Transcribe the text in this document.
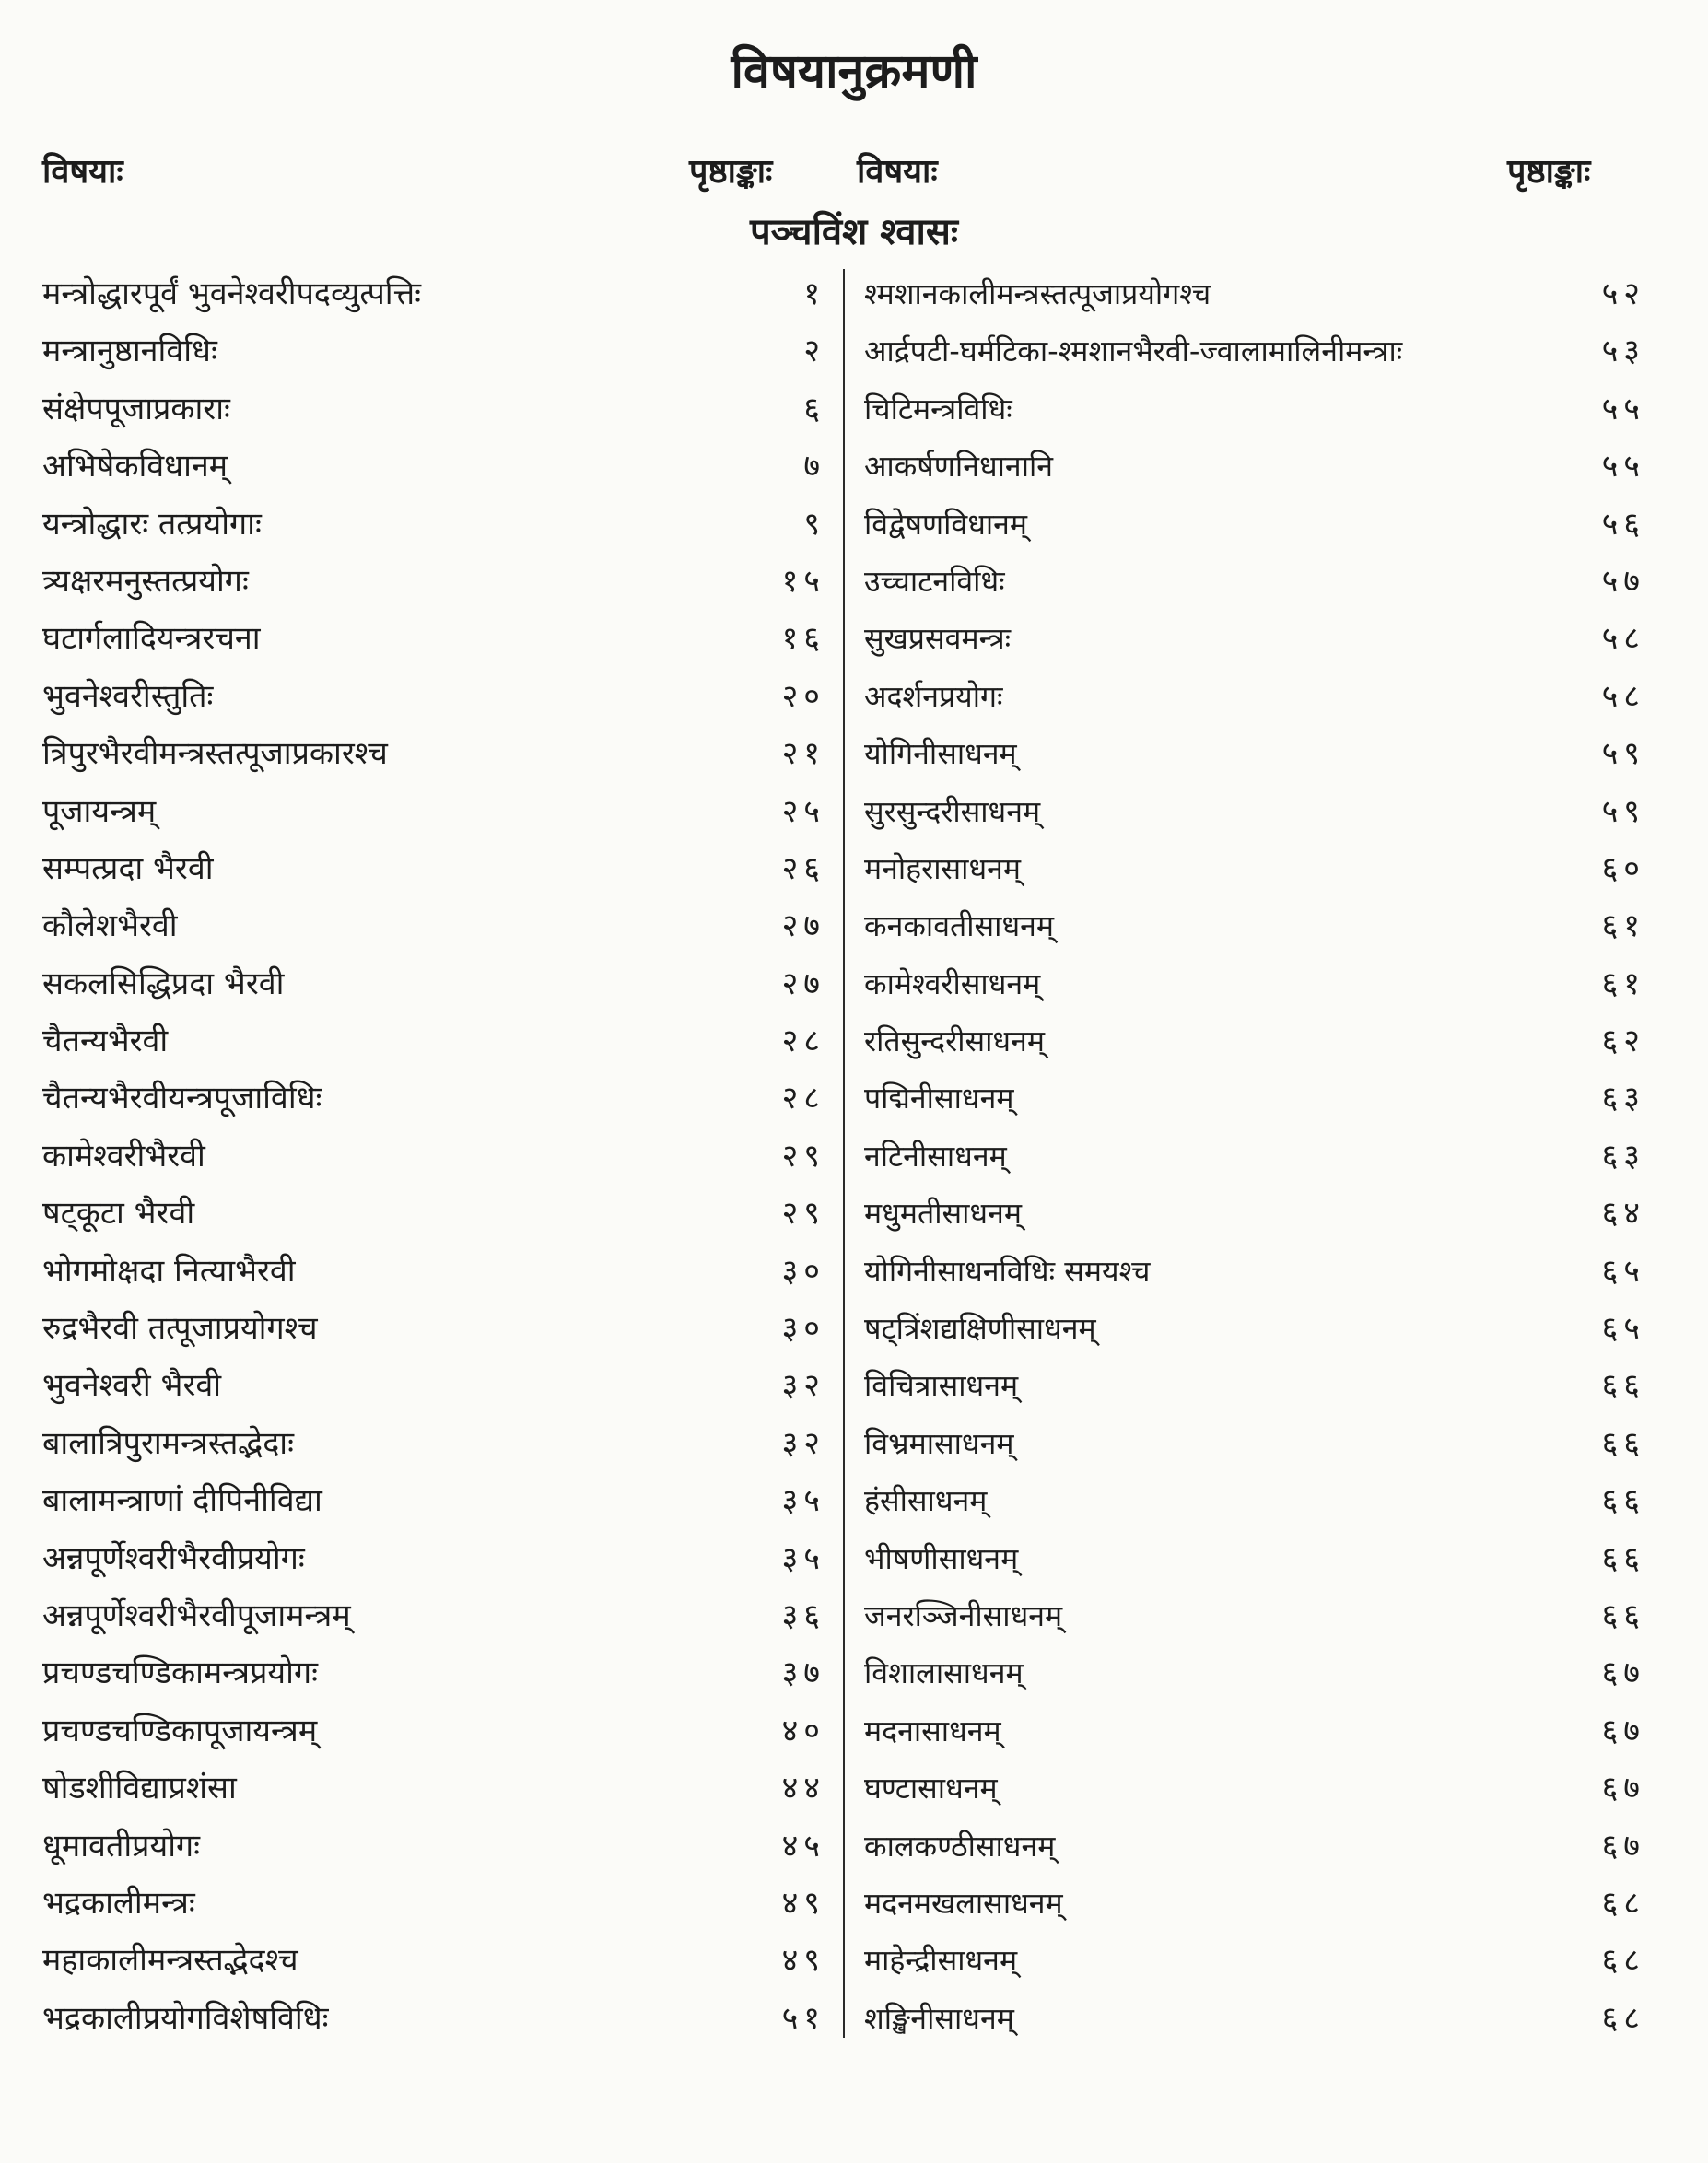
विषयानुक्रमणी
विषयाः	पृष्ठाङ्काः	विषयाः	पृष्ठाङ्काः
पञ्चविंश श्वासः
मन्त्रोद्धारपूर्वं भुवनेश्वरीपदव्युत्पत्तिः	१
मन्त्रानुष्ठानविधिः	२
संक्षेपपूजाप्रकाराः	६
अभिषेकविधानम्	७
यन्त्रोद्धारः तत्प्रयोगाः	९
त्र्यक्षरमनुस्तत्प्रयोगः	१५
घटार्गलादियन्त्ररचना	१६
भुवनेश्वरीस्तुतिः	२०
त्रिपुरभैरवीमन्त्रस्तत्पूजाप्रकारश्च	२१
पूजायन्त्रम्	२५
सम्पत्प्रदा भैरवी	२६
कौलेशभैरवी	२७
सकलसिद्धिप्रदा भैरवी	२७
चैतन्यभैरवी	२८
चैतन्यभैरवीयन्त्रपूजाविधिः	२८
कामेश्वरीभैरवी	२९
षट्कूटा भैरवी	२९
भोगमोक्षदा नित्याभैरवी	३०
रुद्रभैरवी तत्पूजाप्रयोगश्च	३०
भुवनेश्वरी भैरवी	३२
बालात्रिपुरामन्त्रस्तद्भेदाः	३२
बालामन्त्राणां दीपिनीविद्या	३५
अन्नपूर्णेश्वरीभैरवीप्रयोगः	३५
अन्नपूर्णेश्वरीभैरवीपूजामन्त्रम्	३६
प्रचण्डचण्डिकामन्त्रप्रयोगः	३७
प्रचण्डचण्डिकापूजायन्त्रम्	४०
षोडशीविद्याप्रशंसा	४४
धूमावतीप्रयोगः	४५
भद्रकालीमन्त्रः	४९
महाकालीमन्त्रस्तद्भेदश्च	४९
भद्रकालीप्रयोगविशेषविधिः	५१
श्मशानकालीमन्त्रस्तत्पूजाप्रयोगश्च	५२
आर्द्रपटी-घर्मटिका-श्मशानभैरवी-ज्वालामालिनीमन्त्राः	५३
चिटिमन्त्रविधिः	५५
आकर्षणनिधानानि	५५
विद्वेषणविधानम्	५६
उच्चाटनविधिः	५७
सुखप्रसवमन्त्रः	५८
अदर्शनप्रयोगः	५८
योगिनीसाधनम्	५९
सुरसुन्दरीसाधनम्	५९
मनोहरासाधनम्	६०
कनकावतीसाधनम्	६१
कामेश्वरीसाधनम्	६१
रतिसुन्दरीसाधनम्	६२
पद्मिनीसाधनम्	६३
नटिनीसाधनम्	६३
मधुमतीसाधनम्	६४
योगिनीसाधनविधिः समयश्च	६५
षट्त्रिंशद्यक्षिणीसाधनम्	६५
विचित्रासाधनम्	६६
विभ्रमासाधनम्	६६
हंसीसाधनम्	६६
भीषणीसाधनम्	६६
जनरञ्जिनीसाधनम्	६६
विशालासाधनम्	६७
मदनासाधनम्	६७
घण्टासाधनम्	६७
कालकण्ठीसाधनम्	६७
मदनमखलासाधनम्	६८
माहेन्द्रीसाधनम्	६८
शङ्खिनीसाधनम्	६८
